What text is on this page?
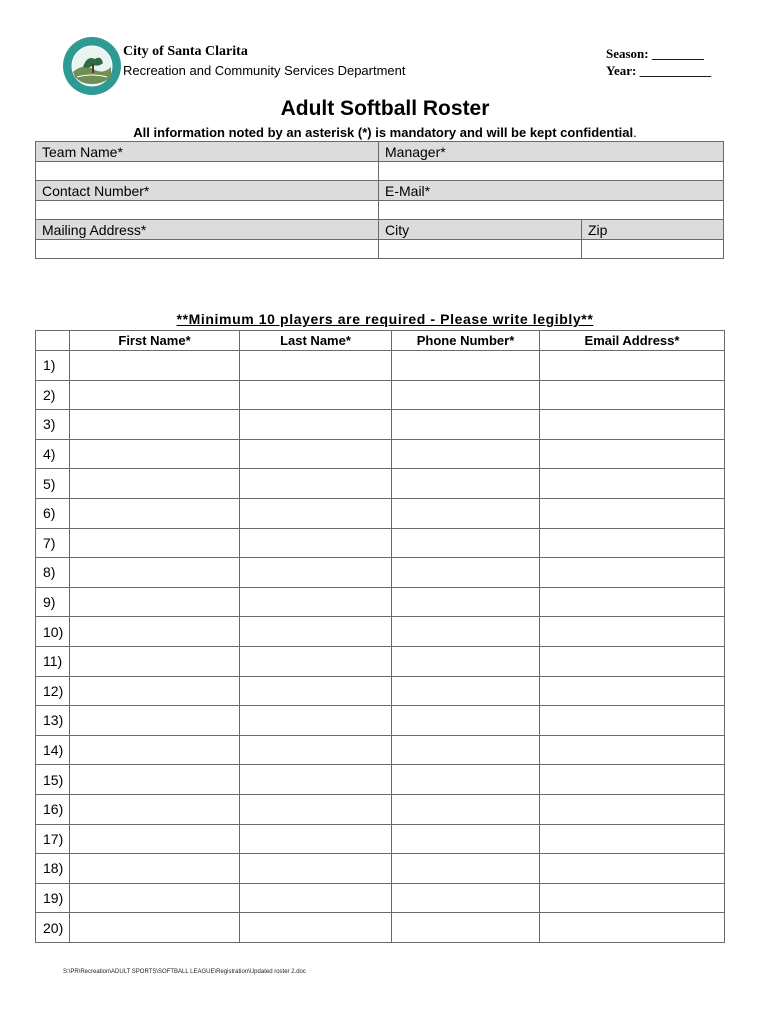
City of Santa Clarita
Recreation and Community Services Department
Season: ________
Year: ___________
Adult Softball Roster
All information noted by an asterisk (*) is mandatory and will be kept confidential.
Team Name*	Manager*	

Contact Number*	E-Mail*	

Mailing Address*	City	Zip

**Minimum 10 players are required - Please write legibly**
	First Name*	Last Name*	Phone Number*	Email Address*
1)				
2)				
3)				
4)				
5)				
6)				
7)				
8)				
9)				
10)				
11)				
12)				
13)				
14)				
15)				
16)				
17)				
18)				
19)				
20)				
S:\PR\Recreation\ADULT SPORTS\SOFTBALL LEAGUE\Registration\Updated roster 2.doc
